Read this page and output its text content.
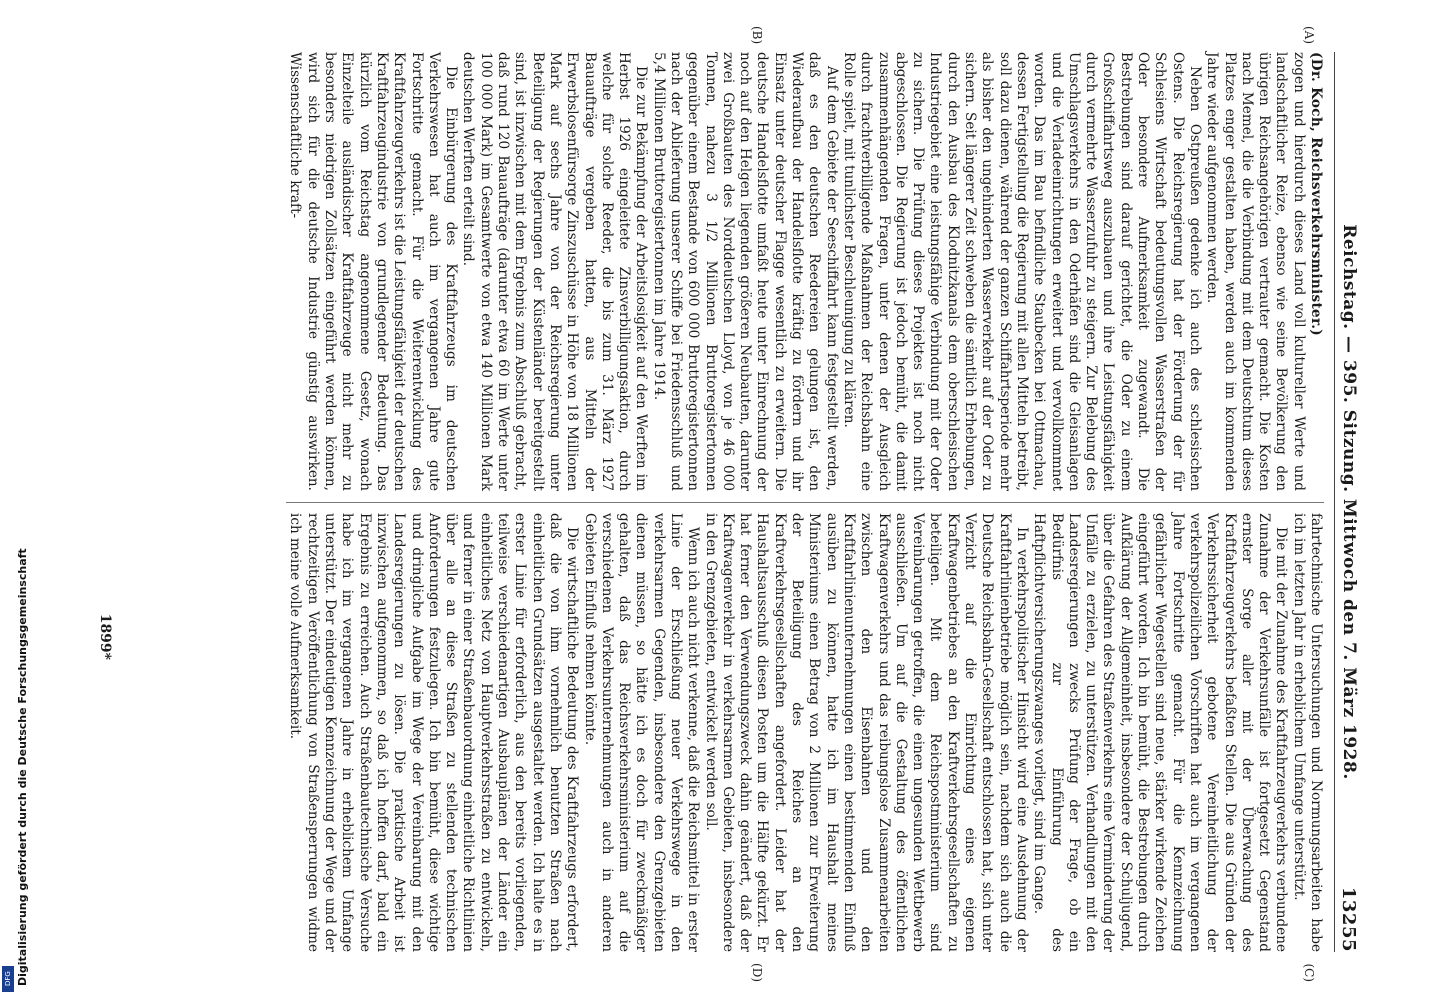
DFG Digitalisierung gefördert durch die Deutsche Forschungsgemeinschaft	Reichstag. — 395. Sitzung. Mittwoch den 7. März 1928.
13255
(A)
(B)
(C)
(D)

(Dr. Koch, Reichsverkehrsminister.)

zogen und hierdurch dieses Land voll kultureller Werte und landschaftlicher Reize, ebenso wie seine Bevölkerung den übrigen Reichsangehörigen vertrauter gemacht. Die Kosten nach Memel, die die Verbindung mit dem Deutschtum dieses Platzes enger gestalten haben, werden auch im kommenden Jahre wieder aufgenommen werden.

Neben Ostpreußen gedenke ich auch des schlesischen Ostens. Die Reichsregierung hat der Förderung der für Schlesiens Wirtschaft bedeutungsvollen Wasserstraßen der Oder besondere Aufmerksamkeit zugewandt. Die Bestrebungen sind darauf gerichtet, die Oder zu einem Großschiffahrtsweg auszubauen und ihre Leistungsfähigkeit durch vermehrte Wasserzufuhr zu steigern. Zur Belebung des Umschlagsverkehrs in den Oderhäfen sind die Gleisanlagen und die Verladeeinrichtungen erweitert und vervollkommnet worden. Das im Bau befindliche Staubecken bei Ottmachau, dessen Fertigstellung die Regierung mit allen Mitteln betreibt, soll dazu dienen, während der ganzen Schiffahrtsperiode mehr als bisher den ungehinderten Wasserverkehr auf der Oder zu sichern. Seit längerer Zeit schweben die sämtlich Erhebungen, durch den Ausbau des Klodnitzkanals dem oberschlesischen Industriegebiet eine leistungsfähige Verbindung mit der Oder zu sichern. Die Prüfung dieses Projektes ist noch nicht abgeschlossen. Die Regierung ist jedoch bemüht, die damit zusammenhängenden Fragen, unter denen der Ausgleich durch frachtverbilligende Maßnahmen der Reichsbahn eine Rolle spielt, mit tunlichster Beschleunigung zu klären.

Auf dem Gebiete der Seeschiffahrt kann festgestellt werden, daß es den deutschen Reedereien gelungen ist, den Wiederaufbau der Handelsflotte kräftig zu fördern und ihr Einsatz unter deutscher Flagge wesentlich zu erweitern. Die deutsche Handelsflotte umfaßt heute unter Einrechnung der noch auf den Helgen liegenden größeren Neubauten, darunter zwei Großbauten des Norddeutschen Lloyd, von je 46 000 Tonnen, nahezu 3 1/2 Millionen Bruttoregistertonnen gegenüber einem Bestande von 600 000 Bruttoregistertonnen nach der Ablieferung unserer Schiffe bei Friedensschluß und 5,4 Millionen Bruttoregistertonnen im Jahre 1914.

Die zur Bekämpfung der Arbeitslosigkeit auf den Werften im Herbst 1926 eingeleitete Zinsverbilligungsaktion, durch welche für solche Reeder, die bis zum 31. März 1927 Bauaufträge vergeben hatten, aus Mitteln der Erwerbslosenfürsorge Zinszuschüsse in Höhe von 18 Millionen Mark auf sechs Jahre von der Reichsregierung unter Beteiligung der Regierungen der Küstenländer bereitgestellt sind, ist inzwischen mit dem Ergebnis zum Abschluß gebracht, daß rund 120 Bauaufträge (darunter etwa 60 im Werte unter 100 000 Mark) im Gesamtwerte von etwa 140 Millionen Mark deutschen Werften erteilt sind.

Die Einbürgerung des Kraftfahrzeugs im deutschen Verkehrswesen hat auch im vergangenen Jahre gute Fortschritte gemacht. Für die Weiterentwicklung des Kraftfahrzeugverkehrs ist die Leistungsfähigkeit der deutschen Kraftfahrzeugindustrie von grundlegender Bedeutung. Das kürzlich vom Reichstag angenommene Gesetz, wonach Einzelteile ausländischer Kraftfahrzeuge nicht mehr zu besonders niedrigen Zollsätzen eingeführt werden können, wird sich für die deutsche Industrie günstig auswirken. Wissenschaftliche kraft-

fahrtechnische Untersuchungen und Normungsarbeiten habe ich im letzten Jahr in erheblichem Umfange unterstützt.

Die mit der Zunahme des Kraftfahrzeugverkehrs verbundene Zunahme der Verkehrsunfälle ist fortgesetzt Gegenstand ernster Sorge aller mit der Überwachung des Kraftfahrzeugverkehrs befaßten Stellen. Die aus Gründen der Verkehrssicherheit gebotene Vereinheitlichung der verkehrspolizeilichen Vorschriften hat auch im vergangenen Jahre Fortschritte gemacht. Für die Kennzeichnung gefährlicher Wegestellen sind neue, stärker wirkende Zeichen eingeführt worden. Ich bin bemüht, die Bestrebungen durch Aufklärung der Allgemeinheit, insbesondere der Schuljugend, über die Gefahren des Straßenverkehrs eine Verminderung der Unfälle zu erzielen, zu unterstützen. Verhandlungen mit den Landesregierungen zwecks Prüfung der Frage, ob ein Bedürfnis zur Einführung des Haftpflichtversicherungszwanges vorliegt, sind im Gange.

In verkehrspolitischer Hinsicht wird eine Ausdehnung der Kraftfahrlinienbetriebe möglich sein, nachdem sich auch die Deutsche Reichsbahn-Gesellschaft entschlossen hat, sich unter Verzicht auf die Einrichtung eines eigenen Kraftwagenbetriebes an den Kraftverkehrsgesellschaften zu beteiligen. Mit dem Reichspostministerium sind Vereinbarungen getroffen, die einen ungesunden Wettbewerb ausschließen. Um auf die Gestaltung des öffentlichen Kraftwagenverkehrs und das reibungslose Zusammenarbeiten zwischen den Eisenbahnen und den Kraftfahrlinienunternehmungen einen bestimmenden Einfluß ausüben zu können, hatte ich im Haushalt meines Ministeriums einen Betrag von 2 Millionen zur Erweiterung der Beteiligung des Reiches an den Kraftverkehrsgesellschaften angefordert. Leider hat der Haushaltsausschuß diesen Posten um die Hälfte gekürzt. Er hat ferner den Verwendungszweck dahin geändert, daß der Kraftwagenverkehr in verkehrsarmen Gebieten, insbesondere in den Grenzgebieten, entwickelt werden soll.

Wenn ich auch nicht verkenne, daß die Reichsmittel in erster Linie der Erschließung neuer Verkehrswege in den verkehrsarmen Gegenden, insbesondere den Grenzgebieten dienen müssen, so hätte ich es doch für zweckmäßiger gehalten, daß das Reichsverkehrsministerium auf die verschiedenen Verkehrsunternehmungen auch in anderen Gebieten Einfluß nehmen könnte.

Die wirtschaftliche Bedeutung des Kraftfahrzeugs erfordert, daß die von ihm vornehmlich benutzten Straßen nach einheitlichen Grundsätzen ausgestaltet werden. Ich halte es in erster Linie für erforderlich, aus den bereits vorliegenden, teilweise verschiedenartigen Ausbauplänen der Länder ein einheitliches Netz von Hauptverkehrsstraßen zu entwickeln, und ferner in einer Straßenbauordnung einheitliche Richtlinien über alle an diese Straßen zu stellenden technischen Anforderungen festzulegen. Ich bin bemüht, diese wichtige und dringliche Aufgabe im Wege der Vereinbarung mit den Landesregierungen zu lösen. Die praktische Arbeit ist inzwischen aufgenommen, so daß ich hoffen darf, bald ein Ergebnis zu erreichen. Auch Straßenbautechnische Versuche habe ich im vergangenen Jahre in erheblichem Umfange unterstützt. Der eindeutigen Kennzeichnung der Wege und der rechtzeitigen Veröffentlichung von Straßensperrungen widme ich meine volle Aufmerksamkeit.

1899*
